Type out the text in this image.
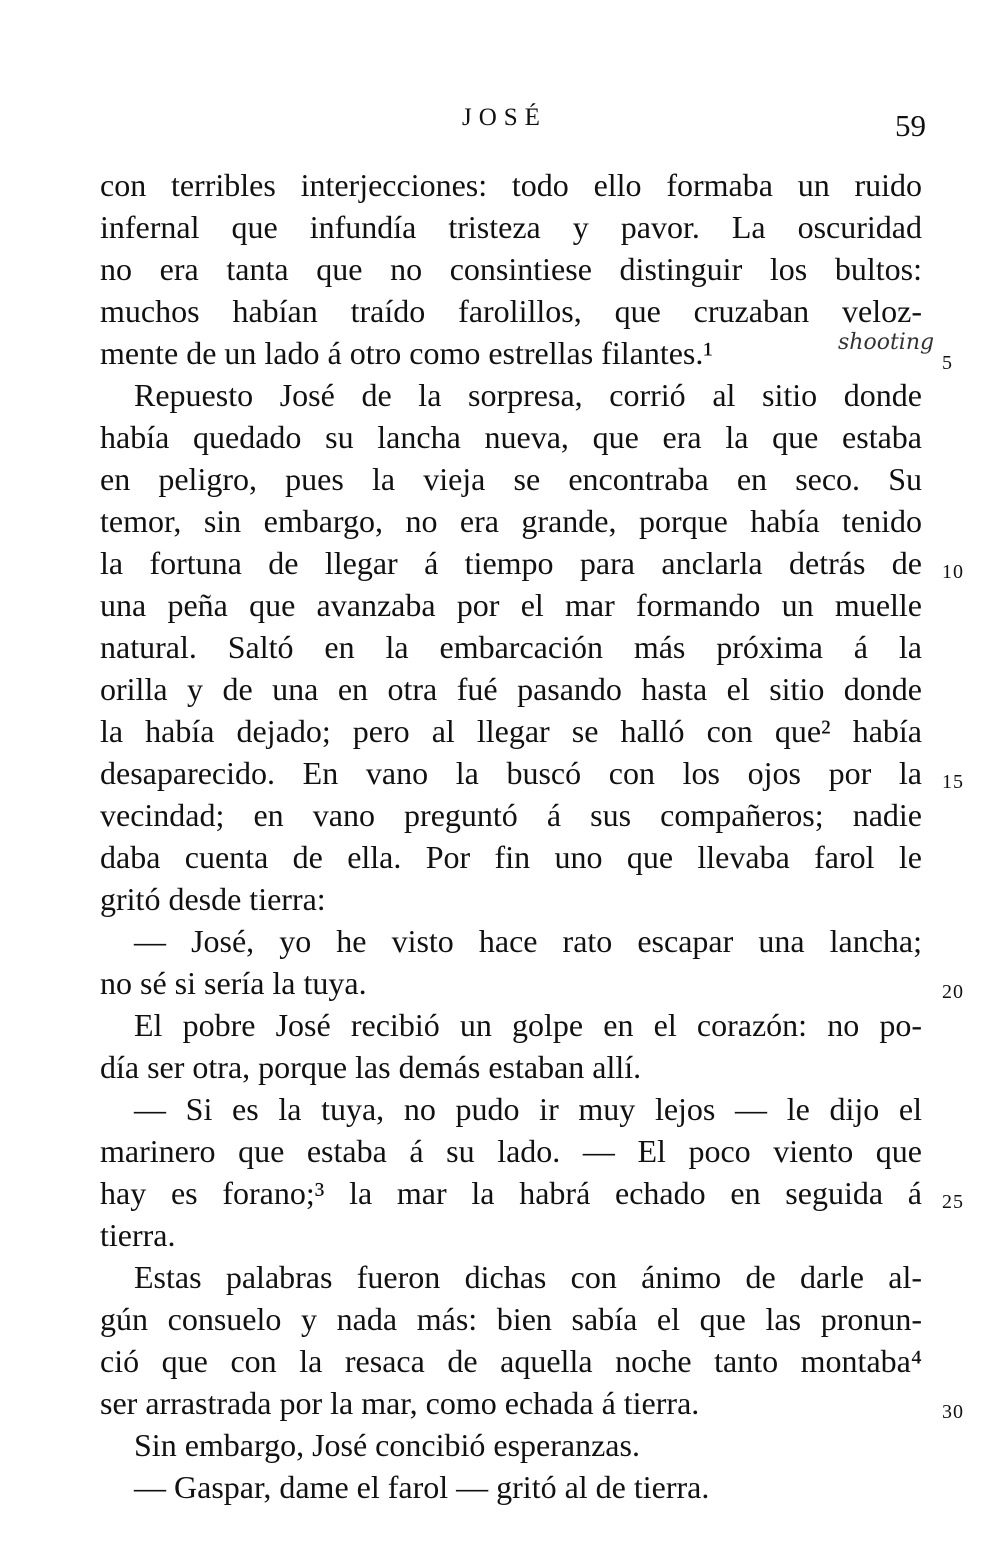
JOSÉ	59
shooting
con terribles interjecciones: todo ello formaba un ruido
infernal que infundía tristeza y pavor. La oscuridad
no era tanta que no consintiese distinguir los bultos:
muchos habían traído farolillos, que cruzaban veloz-
mente de un lado á otro como estrellas filantes.¹
Repuesto José de la sorpresa, corrió al sitio donde
había quedado su lancha nueva, que era la que estaba
en peligro, pues la vieja se encontraba en seco. Su
temor, sin embargo, no era grande, porque había tenido
la fortuna de llegar á tiempo para anclarla detrás de
una peña que avanzaba por el mar formando un muelle
natural. Saltó en la embarcación más próxima á la
orilla y de una en otra fué pasando hasta el sitio donde
la había dejado; pero al llegar se halló con que² había
desaparecido. En vano la buscó con los ojos por la
vecindad; en vano preguntó á sus compañeros; nadie
daba cuenta de ella. Por fin uno que llevaba farol le
gritó desde tierra:
— José, yo he visto hace rato escapar una lancha;
no sé si sería la tuya.
El pobre José recibió un golpe en el corazón: no po-
día ser otra, porque las demás estaban allí.
— Si es la tuya, no pudo ir muy lejos — le dijo el
marinero que estaba á su lado. — El poco viento que
hay es forano;³ la mar la habrá echado en seguida á
tierra.
Estas palabras fueron dichas con ánimo de darle al-
gún consuelo y nada más: bien sabía el que las pronun-
ció que con la resaca de aquella noche tanto montaba⁴
ser arrastrada por la mar, como echada á tierra.
Sin embargo, José concibió esperanzas.
— Gaspar, dame el farol — gritó al de tierra.
5
10
15
20
25
30
